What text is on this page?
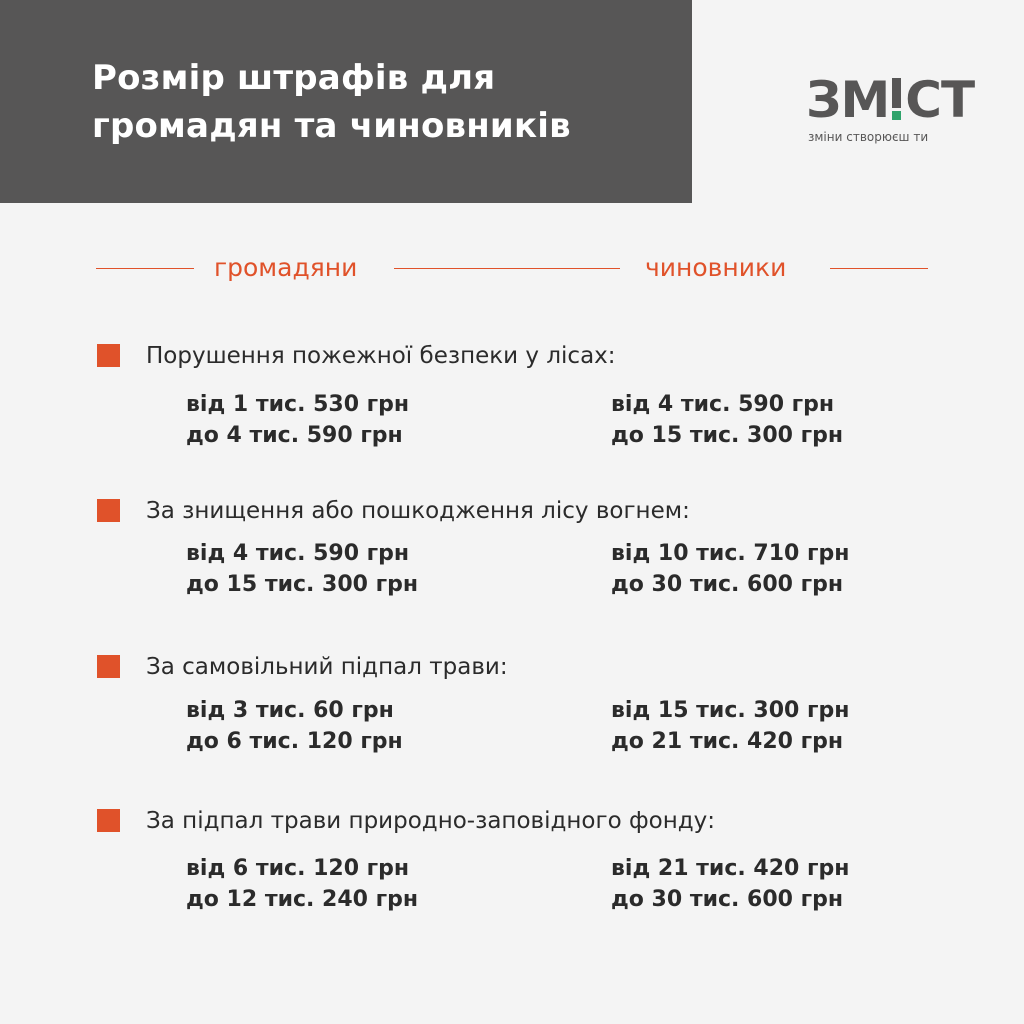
Розмір штрафів для
громадян та чиновників	ЗМ СТ
зміни створюєш ти
громадяни	чиновники
Порушення пожежної безпеки у лісах:
від 1 тис. 530 грн
до 4 тис. 590 грн
від 4 тис. 590 грн
до 15 тис. 300 грн
За знищення або пошкодження лісу вогнем:
від 4 тис. 590 грн
до 15 тис. 300 грн
від 10 тис. 710 грн
до 30 тис. 600 грн
За самовільний підпал трави:
від 3 тис. 60 грн
до 6 тис. 120 грн
від 15 тис. 300 грн
до 21 тис. 420 грн
За підпал трави природно-заповідного фонду:
від 6 тис. 120 грн
до 12 тис. 240 грн
від 21 тис. 420 грн
до 30 тис. 600 грн
